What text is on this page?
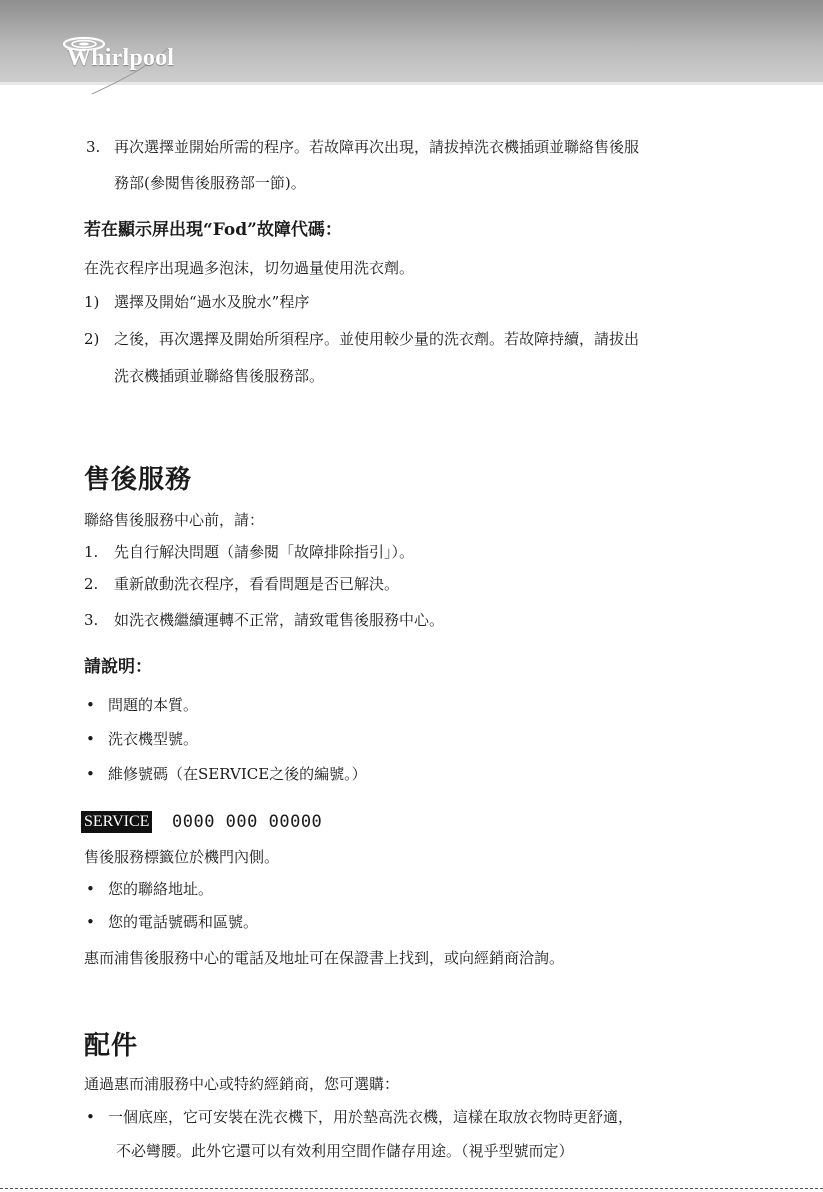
Whirlpool
3. 再次選擇並開始所需的程序。若故障再次出現，請拔掉洗衣機插頭並聯絡售後服
務部(參閱售後服務部一節)。
若在顯示屏出現“Fod”故障代碼：
在洗衣程序出現過多泡沫，切勿過量使用洗衣劑。
1) 選擇及開始“過水及脫水”程序
2) 之後，再次選擇及開始所須程序。並使用較少量的洗衣劑。若故障持續，請拔出
洗衣機插頭並聯絡售後服務部。
售後服務
聯絡售後服務中心前，請：
1. 先自行解決問題（請參閱「故障排除指引」）。
2. 重新啟動洗衣程序，看看問題是否已解決。
3. 如洗衣機繼續運轉不正常，請致電售後服務中心。
請說明：
• 問題的本質。
• 洗衣機型號。
• 維修號碼（在SERVICE之後的編號。）
SERVICE 0000 000 00000
售後服務標籤位於機門內側。
• 您的聯絡地址。
• 您的電話號碼和區號。
惠而浦售後服務中心的電話及地址可在保證書上找到，或向經銷商洽詢。
配件
通過惠而浦服務中心或特約經銷商，您可選購：
• 一個底座，它可安裝在洗衣機下，用於墊高洗衣機，這樣在取放衣物時更舒適，
不必彎腰。此外它還可以有效利用空間作儲存用途。（視乎型號而定）
